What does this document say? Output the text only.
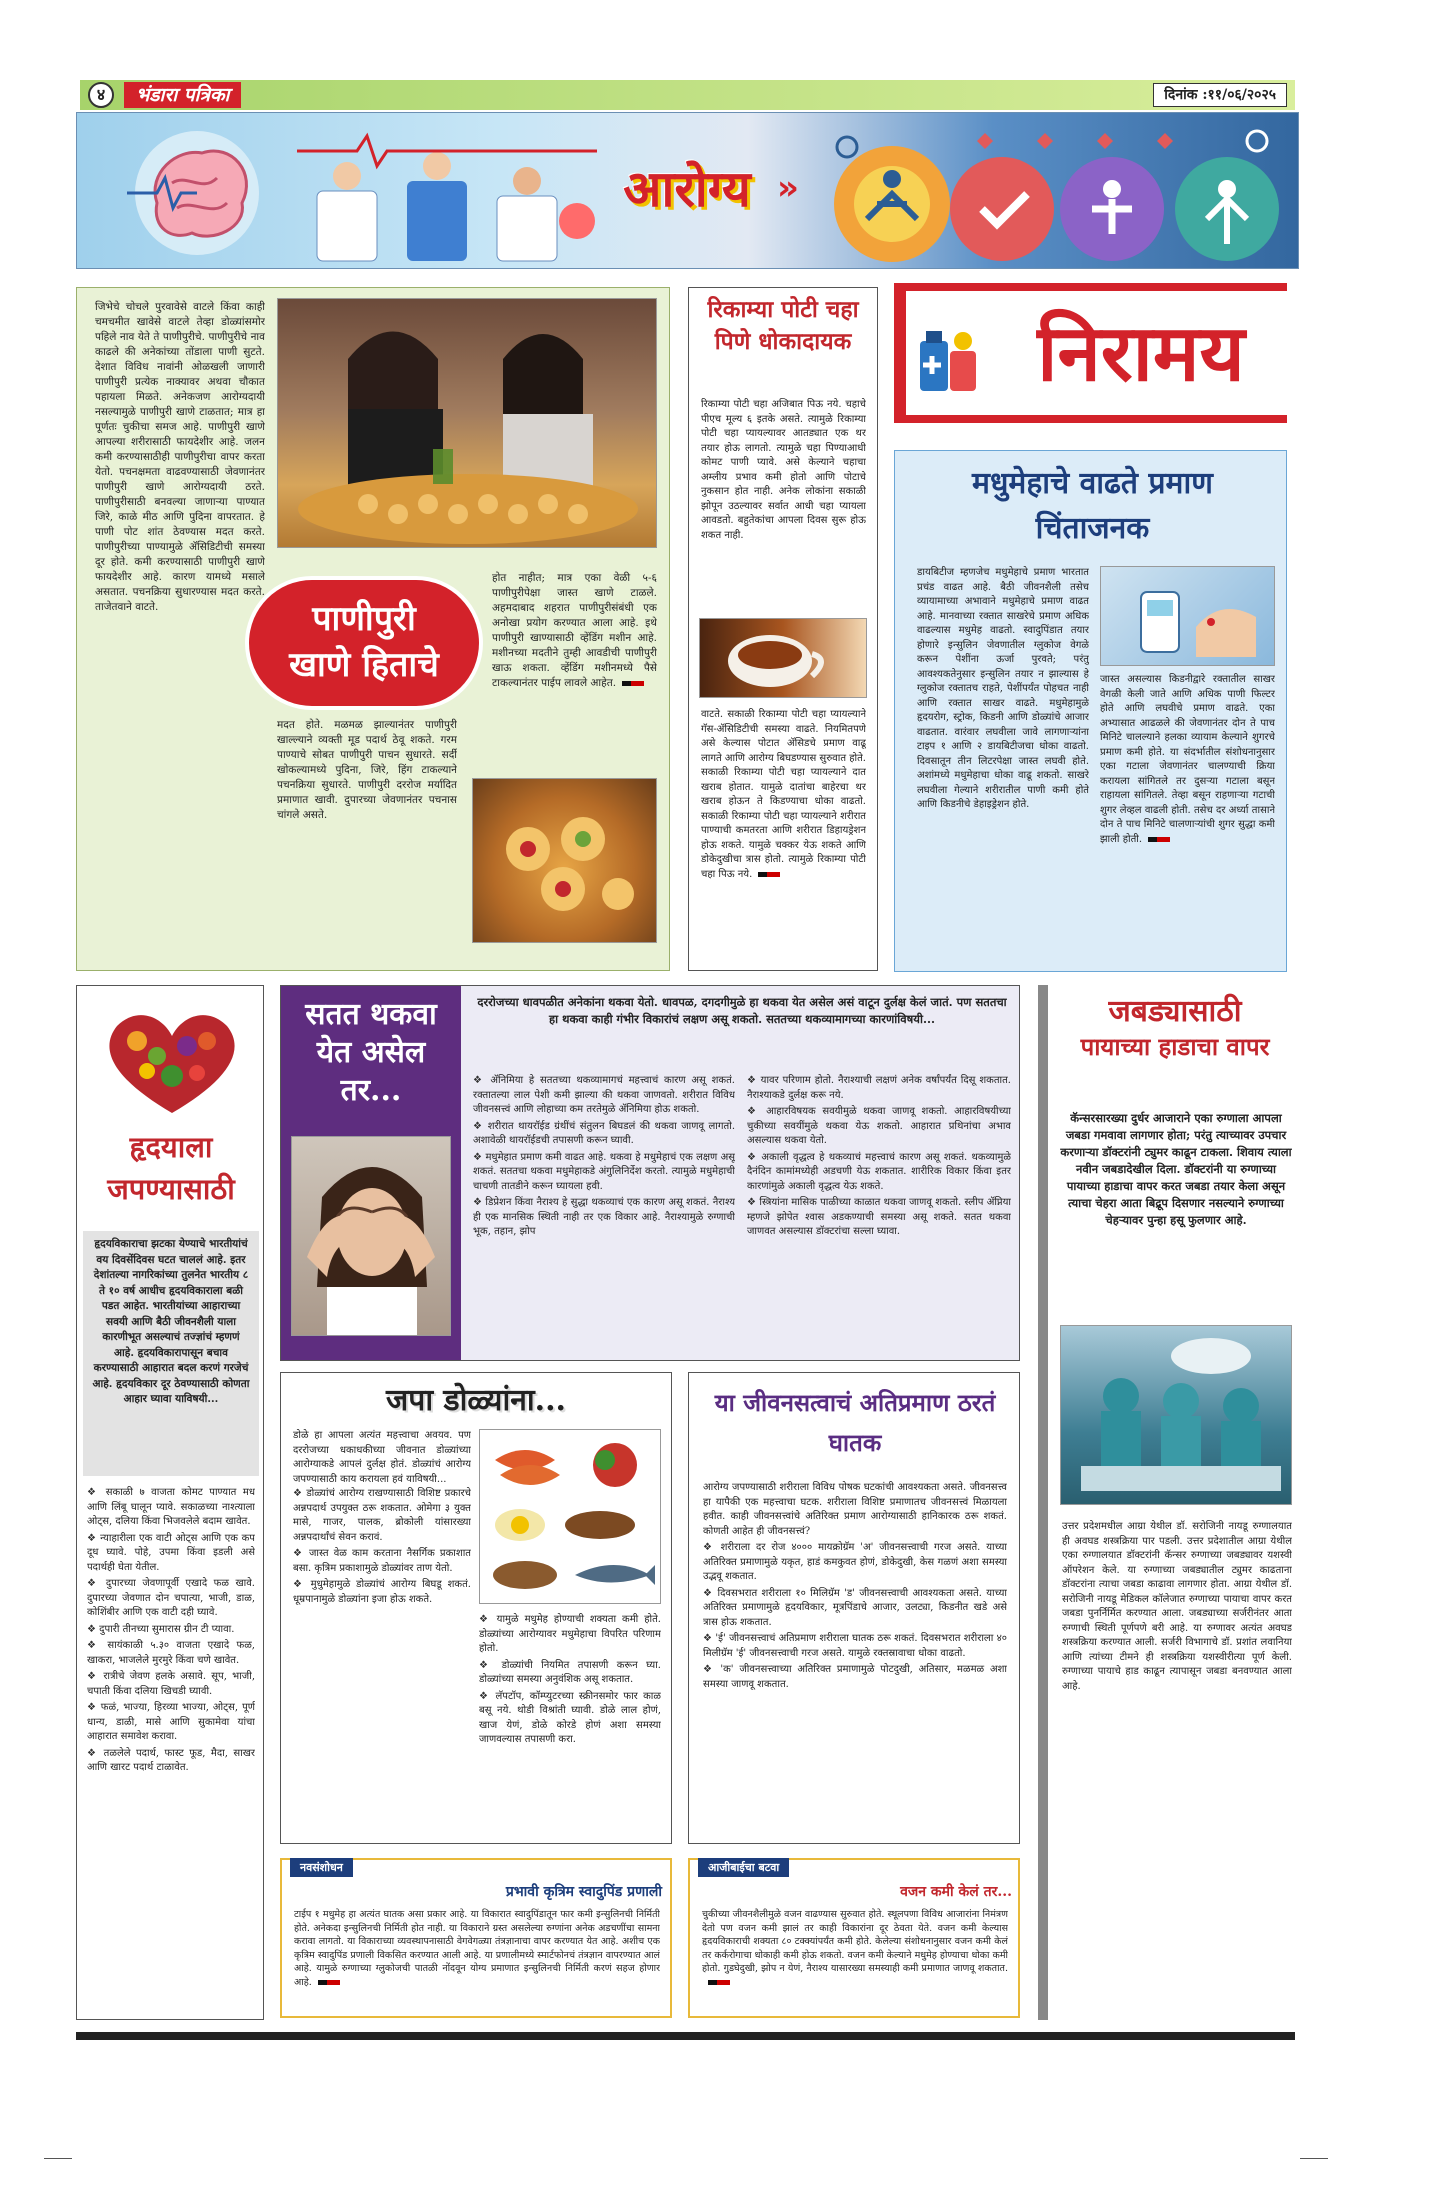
४	भंडारा पत्रिका	दिनांक :११/०६/२०२५
आरोग्य »
जिभेचे चोचले पुरवावेसे वाटले किंवा काही चमचमीत खावेसे वाटले तेव्हा डोळ्यांसमोर पहिले नाव येते ते पाणीपुरीचे. पाणीपुरीचे नाव काढले की अनेकांच्या तोंडाला पाणी सुटते. देशात विविध नावांनी ओळखली जाणारी पाणीपुरी प्रत्येक नाक्यावर अथवा चौकात पहायला मिळते. अनेकजण आरोग्यदायी नसल्यामुळे पाणीपुरी खाणे टाळतात; मात्र हा पूर्णतः चुकीचा समज आहे. पाणीपुरी खाणे आपल्या शरीरासाठी फायदेशीर आहे. जलन कमी करण्यासाठीही पाणीपुरीचा वापर करता येतो. पचनक्षमता वाढवण्यासाठी जेवणानंतर पाणीपुरी खाणे आरोग्यदायी ठरते. पाणीपुरीसाठी बनवल्या जाणाऱ्या पाण्यात जिरे, काळे मीठ आणि पुदिना वापरतात. हे पाणी पोट शांत ठेवण्यास मदत करते. पाणीपुरीच्या पाण्यामुळे ॲसिडिटीची समस्या दूर होते. कमी करण्यासाठी पाणीपुरी खाणे फायदेशीर आहे. कारण यामध्ये मसाले असतात. पचनक्रिया सुधारण्यास मदत करते. ताजेतवाने वाटते.	पाणीपुरी खाणे हिताचे
होत नाहीत; मात्र एका वेळी ५-६ पाणीपुरीपेक्षा जास्त खाणे टाळले. अहमदाबाद शहरात पाणीपुरीसंबंधी एक अनोखा प्रयोग करण्यात आला आहे. इथे पाणीपुरी खाण्यासाठी व्हेंडिंग मशीन आहे. मशीनच्या मदतीने तुम्ही आवडीची पाणीपुरी खाऊ शकता. व्हेंडिंग मशीनमध्ये पैसे टाकल्यानंतर पाईप लावले आहेत.
मदत होते. मळमळ झाल्यानंतर पाणीपुरी खाल्ल्याने व्यक्ती मूड पदार्थ ठेवू शकते. गरम पाण्याचे सोबत पाणीपुरी पाचन सुधारते. सर्दी खोकल्यामध्ये पुदिना, जिरे, हिंग टाकल्याने पचनक्रिया सुधारते. पाणीपुरी दररोज मर्यादित प्रमाणात खावी. दुपारच्या जेवणानंतर पचनास चांगले असते.
रिकाम्या पोटी चहा पिणे धोकादायक
रिकाम्या पोटी चहा अजिबात पिऊ नये. चहाचे पीएच मूल्य ६ इतके असते. त्यामुळे रिकाम्या पोटी चहा प्यायल्यावर आतड्यात एक थर तयार होऊ लागतो. त्यामुळे चहा पिण्याआधी कोमट पाणी प्यावे. असे केल्याने चहाचा अम्लीय प्रभाव कमी होतो आणि पोटाचे नुकसान होत नाही. अनेक लोकांना सकाळी झोपून उठल्यावर सर्वात आधी चहा प्यायला आवडतो. बहुतेकांचा आपला दिवस सुरू होऊ शकत नाही.
वाटते. सकाळी रिकाम्या पोटी चहा प्यायल्याने गॅस-ॲसिडिटीची समस्या वाढते. नियमितपणे असे केल्यास पोटात ॲसिडचे प्रमाण वाढू लागते आणि आरोग्य बिघडण्यास सुरुवात होते. सकाळी रिकाम्या पोटी चहा प्यायल्याने दात खराब होतात. यामुळे दातांचा बाहेरचा थर खराब होऊन ते किडण्याचा धोका वाढतो. सकाळी रिकाम्या पोटी चहा प्यायल्याने शरीरात पाण्याची कमतरता आणि शरीरात डिहायड्रेशन होऊ शकते. यामुळे चक्कर येऊ शकते आणि डोकेदुखीचा त्रास होतो. त्यामुळे रिकाम्या पोटी चहा पिऊ नये.
निरामय
मधुमेहाचे वाढते प्रमाण चिंताजनक
डायबिटीज म्हणजेच मधुमेहाचे प्रमाण भारतात प्रचंड वाढत आहे. बैठी जीवनशैली तसेच व्यायामाच्या अभावाने मधुमेहाचे प्रमाण वाढत आहे. मानवाच्या रक्तात साखरेचे प्रमाण अधिक वाढल्यास मधुमेह वाढतो. स्वादुपिंडात तयार होणारे इन्सुलिन जेवणातील ग्लुकोज वेगळे करून पेशींना ऊर्जा पुरवते; परंतु आवश्यकतेनुसार इन्सुलिन तयार न झाल्यास हे ग्लुकोज रक्तातच राहते, पेशींपर्यंत पोहचत नाही आणि रक्तात साखर वाढते. मधुमेहामुळे हृदयरोग, स्ट्रोक, किडनी आणि डोळ्यांचे आजार वाढतात. वारंवार लघवीला जावे लागणाऱ्यांना टाइप १ आणि २ डायबिटीजचा धोका वाढतो. दिवसातून तीन लिटरपेक्षा जास्त लघवी होते. अशांमध्ये मधुमेहाचा धोका वाढू शकतो. साखरे लघवीला गेल्याने शरीरातील पाणी कमी होते आणि किडनीचे डेहाइड्रेशन होते.
जास्त असल्यास किडनीद्वारे रक्तातील साखर वेगळी केली जाते आणि अधिक पाणी फिल्टर होते आणि लघवीचे प्रमाण वाढते. एका अभ्यासात आढळले की जेवणानंतर दोन ते पाच मिनिटे चालल्याने हलका व्यायाम केल्याने शुगरचे प्रमाण कमी होते. या संदर्भातील संशोधनानुसार एका गटाला जेवणानंतर चालण्याची क्रिया करायला सांगितले तर दुसऱ्या गटाला बसून राहायला सांगितले. तेव्हा बसून राहणाऱ्या गटाची शुगर लेव्हल वाढली होती. तसेच दर अर्ध्या तासाने दोन ते पाच मिनिटे चालणाऱ्यांची शुगर सुद्धा कमी झाली होती.
हृदयाला जपण्यासाठी
हृदयविकाराचा झटका येण्याचे भारतीयांचं वय दिवसेंदिवस घटत चाललं आहे. इतर देशांतल्या नागरिकांच्या तुलनेत भारतीय ८ ते १० वर्ष आधीच हृदयविकाराला बळी पडत आहेत. भारतीयांच्या आहाराच्या सवयी आणि बैठी जीवनशैली याला कारणीभूत असल्याचं तज्ज्ञांचं म्हणणं आहे. हृदयविकारापासून बचाव करण्यासाठी आहारात बदल करणं गरजेचं आहे. हृदयविकार दूर ठेवण्यासाठी कोणता आहार घ्यावा याविषयी...
❖ सकाळी ७ वाजता कोमट पाण्यात मध आणि लिंबू घालून प्यावे. सकाळच्या नाश्त्याला ओट्स, दलिया किंवा भिजवलेले बदाम खावेत.
❖ न्याहारीला एक वाटी ओट्स आणि एक कप दूध घ्यावे. पोहे, उपमा किंवा इडली असे पदार्थही घेता येतील.
❖ दुपारच्या जेवणापूर्वी एखादे फळ खावे. दुपारच्या जेवणात दोन चपात्या, भाजी, डाळ, कोशिंबीर आणि एक वाटी दही घ्यावे.
❖ दुपारी तीनच्या सुमारास ग्रीन टी प्यावा.
❖ सायंकाळी ५.३० वाजता एखादे फळ, खाकरा, भाजलेले मुरमुरे किंवा चणे खावेत.
❖ रात्रीचे जेवण हलके असावे. सूप, भाजी, चपाती किंवा दलिया खिचडी घ्यावी.
❖ फळं, भाज्या, हिरव्या भाज्या, ओट्स, पूर्ण धान्य, डाळी, मासे आणि सुकामेवा यांचा आहारात समावेश करावा.
❖ तळलेले पदार्थ, फास्ट फूड, मैदा, साखर आणि खारट पदार्थ टाळावेत.
सतत थकवा येत असेल तर...
दररोजच्या धावपळीत अनेकांना थकवा येतो. धावपळ, दगदगीमुळे हा थकवा येत असेल असं वाटून दुर्लक्ष केलं जातं. पण सततचा हा थकवा काही गंभीर विकारांचं लक्षण असू शकतो. सततच्या थकव्यामागच्या कारणांविषयी...
❖ ॲनिमिया हे सततच्या थकव्यामागचं महत्त्वाचं कारण असू शकतं. रक्तातल्या लाल पेशी कमी झाल्या की थकवा जाणवतो. शरीरात विविध जीवनसत्त्वं आणि लोहाच्या कम तरतेमुळे ॲनिमिया होऊ शकतो.
❖ शरीरात थायरॉईड ग्रंथींचं संतुलन बिघडलं की थकवा जाणवू लागतो. अशावेळी थायरॉईडची तपासणी करून घ्यावी.
❖ मधुमेहात प्रमाण कमी वाढत आहे. थकवा हे मधुमेहाचं एक लक्षण असू शकतं. सततचा थकवा मधुमेहाकडे अंगुलिनिर्देश करतो. त्यामुळे मधुमेहाची चाचणी तातडीने करून घ्यायला हवी.
❖ डिप्रेशन किंवा नैराश्य हे सुद्धा थकव्याचं एक कारण असू शकतं. नैराश्य ही एक मानसिक स्थिती नाही तर एक विकार आहे. नैराश्यामुळे रुग्णाची भूक, तहान, झोप
❖ यावर परिणाम होतो. नैराश्याची लक्षणं अनेक वर्षांपर्यंत दिसू शकतात. नैराश्याकडे दुर्लक्ष करू नये.
❖ आहारविषयक सवयीमुळे थकवा जाणवू शकतो. आहारविषयीच्या चुकीच्या सवयींमुळे थकवा येऊ शकतो. आहारात प्रथिनांचा अभाव असल्यास थकवा येतो.
❖ अकाली वृद्धत्व हे थकव्याचं महत्त्वाचं कारण असू शकतं. थकव्यामुळे दैनंदिन कामांमध्येही अडचणी येऊ शकतात. शारीरिक विकार किंवा इतर कारणांमुळे अकाली वृद्धत्व येऊ शकते.
❖ स्त्रियांना मासिक पाळीच्या काळात थकवा जाणवू शकतो. स्लीप ॲप्निया म्हणजे झोपेत श्वास अडकण्याची समस्या असू शकते. सतत थकवा जाणवत असल्यास डॉक्टरांचा सल्ला घ्यावा.
जबड्यासाठी
पायाच्या हाडाचा वापर
कॅन्सरसारख्या दुर्धर आजाराने एका रुग्णाला आपला जबडा गमवावा लागणार होता; परंतु त्याच्यावर उपचार करणाऱ्या डॉक्टरांनी ट्युमर काढून टाकला. शिवाय त्याला नवीन जबडादेखील दिला. डॉक्टरांनी या रुग्णाच्या पायाच्या हाडाचा वापर करत जबडा तयार केला असून त्याचा चेहरा आता बिद्रूप दिसणार नसल्याने रुग्णाच्या चेहऱ्यावर पुन्हा हसू फुलणार आहे.
उत्तर प्रदेशमधील आग्रा येथील डॉ. सरोजिनी नायडू रुग्णालयात ही अवघड शस्त्रक्रिया पार पडली. उत्तर प्रदेशातील आग्रा येथील एका रुग्णालयात डॉक्टरांनी कॅन्सर रुग्णाच्या जबड्यावर यशस्वी ऑपरेशन केले. या रुग्णाच्या जबड्यातील ट्युमर काढताना डॉक्टरांना त्याचा जबडा काढावा लागणार होता. आग्रा येथील डॉ. सरोजिनी नायडू मेडिकल कॉलेजात रुग्णाच्या पायाचा वापर करत जबडा पुनर्निर्मित करण्यात आला. जबड्याच्या सर्जरीनंतर आता रुग्णाची स्थिती पूर्णपणे बरी आहे. या रुग्णावर अत्यंत अवघड शस्त्रक्रिया करण्यात आली. सर्जरी विभागाचे डॉ. प्रशांत लवानिया आणि त्यांच्या टीमने ही शस्त्रक्रिया यशस्वीरीत्या पूर्ण केली. रुग्णाच्या पायाचे हाड काढून त्यापासून जबडा बनवण्यात आला आहे.
जपा डोळ्यांना...
डोळे हा आपला अत्यंत महत्त्वाचा अवयव. पण दररोजच्या धकाधकीच्या जीवनात डोळ्यांच्या आरोग्याकडे आपलं दुर्लक्ष होतं. डोळ्यांचं आरोग्य जपण्यासाठी काय करायला हवं याविषयी...
❖ डोळ्यांचं आरोग्य राखण्यासाठी विशिष्ट प्रकारचे अन्नपदार्थ उपयुक्त ठरू शकतात. ओमेगा ३ युक्त मासे, गाजर, पालक, ब्रोकोली यांसारख्या अन्नपदार्थांचं सेवन करावं.
❖ जास्त वेळ काम करताना नैसर्गिक प्रकाशात बसा. कृत्रिम प्रकाशामुळे डोळ्यांवर ताण येतो.
❖ मुधुमेहामुळे डोळ्यांचं आरोग्य बिघडू शकतं. धूम्रपानामुळे डोळ्यांना इजा होऊ शकते.
❖ यामुळे मधुमेह होण्याची शक्यता कमी होते. डोळ्यांच्या आरोग्यावर मधुमेहाचा विपरित परिणाम होतो.
❖ डोळ्यांची नियमित तपासणी करून घ्या. डोळ्यांच्या समस्या अनुवंशिक असू शकतात.
❖ लॅपटॉप, कॉम्प्युटरच्या स्क्रीनसमोर फार काळ बसू नये. थोडी विश्रांती घ्यावी. डोळे लाल होणं, खाज येणं, डोळे कोरडे होणं अशा समस्या जाणवल्यास तपासणी करा.
या जीवनसत्वाचं अतिप्रमाण ठरतं घातक
आरोग्य जपण्यासाठी शरीराला विविध पोषक घटकांची आवश्यकता असते. जीवनसत्त्व हा यापैकी एक महत्त्वाचा घटक. शरीराला विशिष्ट प्रमाणातच जीवनसत्त्वं मिळायला हवीत. काही जीवनसत्त्वांचे अतिरिक्त प्रमाण आरोग्यासाठी हानिकारक ठरू शकतं. कोणती आहेत ही जीवनसत्त्वं?
❖ शरीराला दर रोज ४००० मायक्रोग्रॅम 'अ' जीवनसत्त्वाची गरज असते. याच्या अतिरिक्त प्रमाणामुळे यकृत, हाडं कमकुवत होणं, डोकेदुखी, केस गळणं अशा समस्या उद्भवू शकतात.
❖ दिवसभरात शरीराला १० मिलिग्रॅम 'ड' जीवनसत्त्वाची आवश्यकता असते. याच्या अतिरिक्त प्रमाणामुळे हृदयविकार, मूत्रपिंडाचे आजार, उलट्या, किडनीत खडे असे त्रास होऊ शकतात.
❖ 'ई' जीवनसत्त्वाचं अतिप्रमाण शरीराला घातक ठरू शकतं. दिवसभरात शरीराला ४० मिलीग्रॅम 'ई' जीवनसत्त्वाची गरज असते. यामुळे रक्तस्रावाचा धोका वाढतो.
❖ 'क' जीवनसत्त्वाच्या अतिरिक्त प्रमाणामुळे पोटदुखी, अतिसार, मळमळ अशा समस्या जाणवू शकतात.
नवसंशोधन
प्रभावी कृत्रिम स्वादुपिंड प्रणाली
टाईप १ मधुमेह हा अत्यंत घातक असा प्रकार आहे. या विकारात स्वादुपिंडातून फार कमी इन्सुलिनची निर्मिती होते. अनेकदा इन्सुलिनची निर्मिती होत नाही. या विकाराने ग्रस्त असलेल्या रुग्णांना अनेक अडचणींचा सामना करावा लागतो. या विकाराच्या व्यवस्थापनासाठी वेगवेगळ्या तंत्रज्ञानाचा वापर करण्यात येत आहे. अशीच एक कृत्रिम स्वादुपिंड प्रणाली विकसित करण्यात आली आहे. या प्रणालीमध्ये स्मार्टफोनचं तंत्रज्ञान वापरण्यात आलं आहे. यामुळे रुग्णाच्या ग्लुकोजची पातळी नोंदवून योग्य प्रमाणात इन्सुलिनची निर्मिती करणं सहज होणार आहे.
आजीबाईचा बटवा
वजन कमी केलं तर...
चुकीच्या जीवनशैलीमुळे वजन वाढण्यास सुरुवात होते. स्थूलपणा विविध आजारांना निमंत्रण देतो पण वजन कमी झालं तर काही विकारांना दूर ठेवता येते. वजन कमी केल्यास हृदयविकाराची शक्यता ८० टक्क्यांपर्यंत कमी होते. केलेल्या संशोधनानुसार वजन कमी केलं तर कर्करोगाचा धोकाही कमी होऊ शकतो. वजन कमी केल्याने मधुमेह होण्याचा धोका कमी होतो. गुडघेदुखी, झोप न येणं, नैराश्य यासारख्या समस्याही कमी प्रमाणात जाणवू शकतात.
